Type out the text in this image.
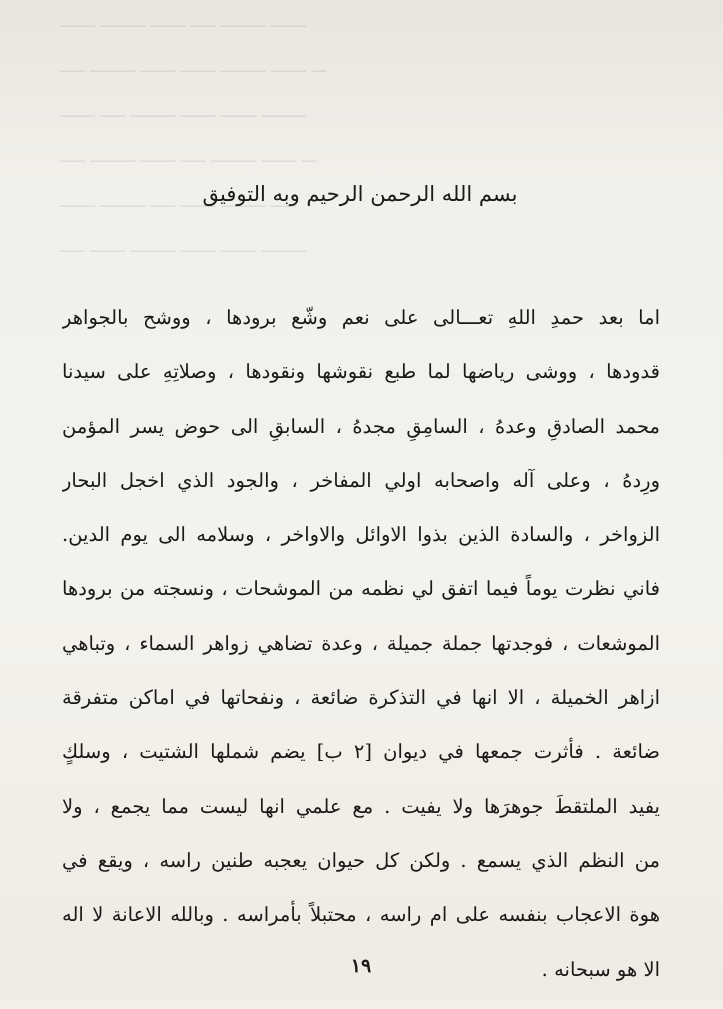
ـــــــ ـــــــــ ـــــــ ـــــ ـــــــــ ـــــــ

ـــــ ـــــــــ ـــــــ ـــــــ ـــــــــ ـــــــ ـــ

ـــــــ ـــــ ـــــــــ ـــــــ ـــــــ ـــــــــ

ـــــ ـــــــــ ـــــــ ـــــ ـــــــــ ـــــــ ـــ

ـــــــ ـــــــــ ـــــ ـــــــ ـــــــــ ـــــ

ـــــ ـــــــ ـــــــــ ـــــــ ـــــــ ـــــــــ

بسم الله الرحمن الرحيم وبه التوفيق
اما بعد حمدِ اللهِ تعـــالى على نعم وشّع برودها ، ووشح بالجواهر
قدودها ، ووشى رياضها لما طبع نقوشها ونقودها ، وصلاتِهِ على سيدنا
محمد الصادقِ وعدهُ ، السامِقِ مجدهُ ، السابقِ الى حوض يسر المؤمن
ورِدهُ ، وعلى آله واصحابه اولي المفاخر ، والجود الذي اخجل البحار
الزواخر ، والسادة الذين بذوا الاوائل والاواخر ، وسلامه الى يوم الدين.
فاني نظرت يوماً فيما اتفق لي نظمه من الموشحات ، ونسجته من برودها
الموشعات ، فوجدتها جملة جميلة ، وعدة تضاهي زواهر السماء ، وتباهي
ازاهر الخميلة ، الا انها في التذكرة ضائعة ، ونفحاتها في اماكن متفرقة
ضائعة . فأثرت جمعها في ديوان [٢ ب] يضم شملها الشتيت ، وسلكٍ
يفيد الملتقطَ جوهرَها ولا يفيت . مع علمي انها ليست مما يجمع ، ولا
من النظم الذي يسمع . ولكن كل حيوان يعجبه طنين راسه ، ويقع في
هوة الاعجاب بنفسه على ام راسه ، محتبلاً بأمراسه . وبالله الاعانة لا اله
الا هو سبحانه .
١٩
